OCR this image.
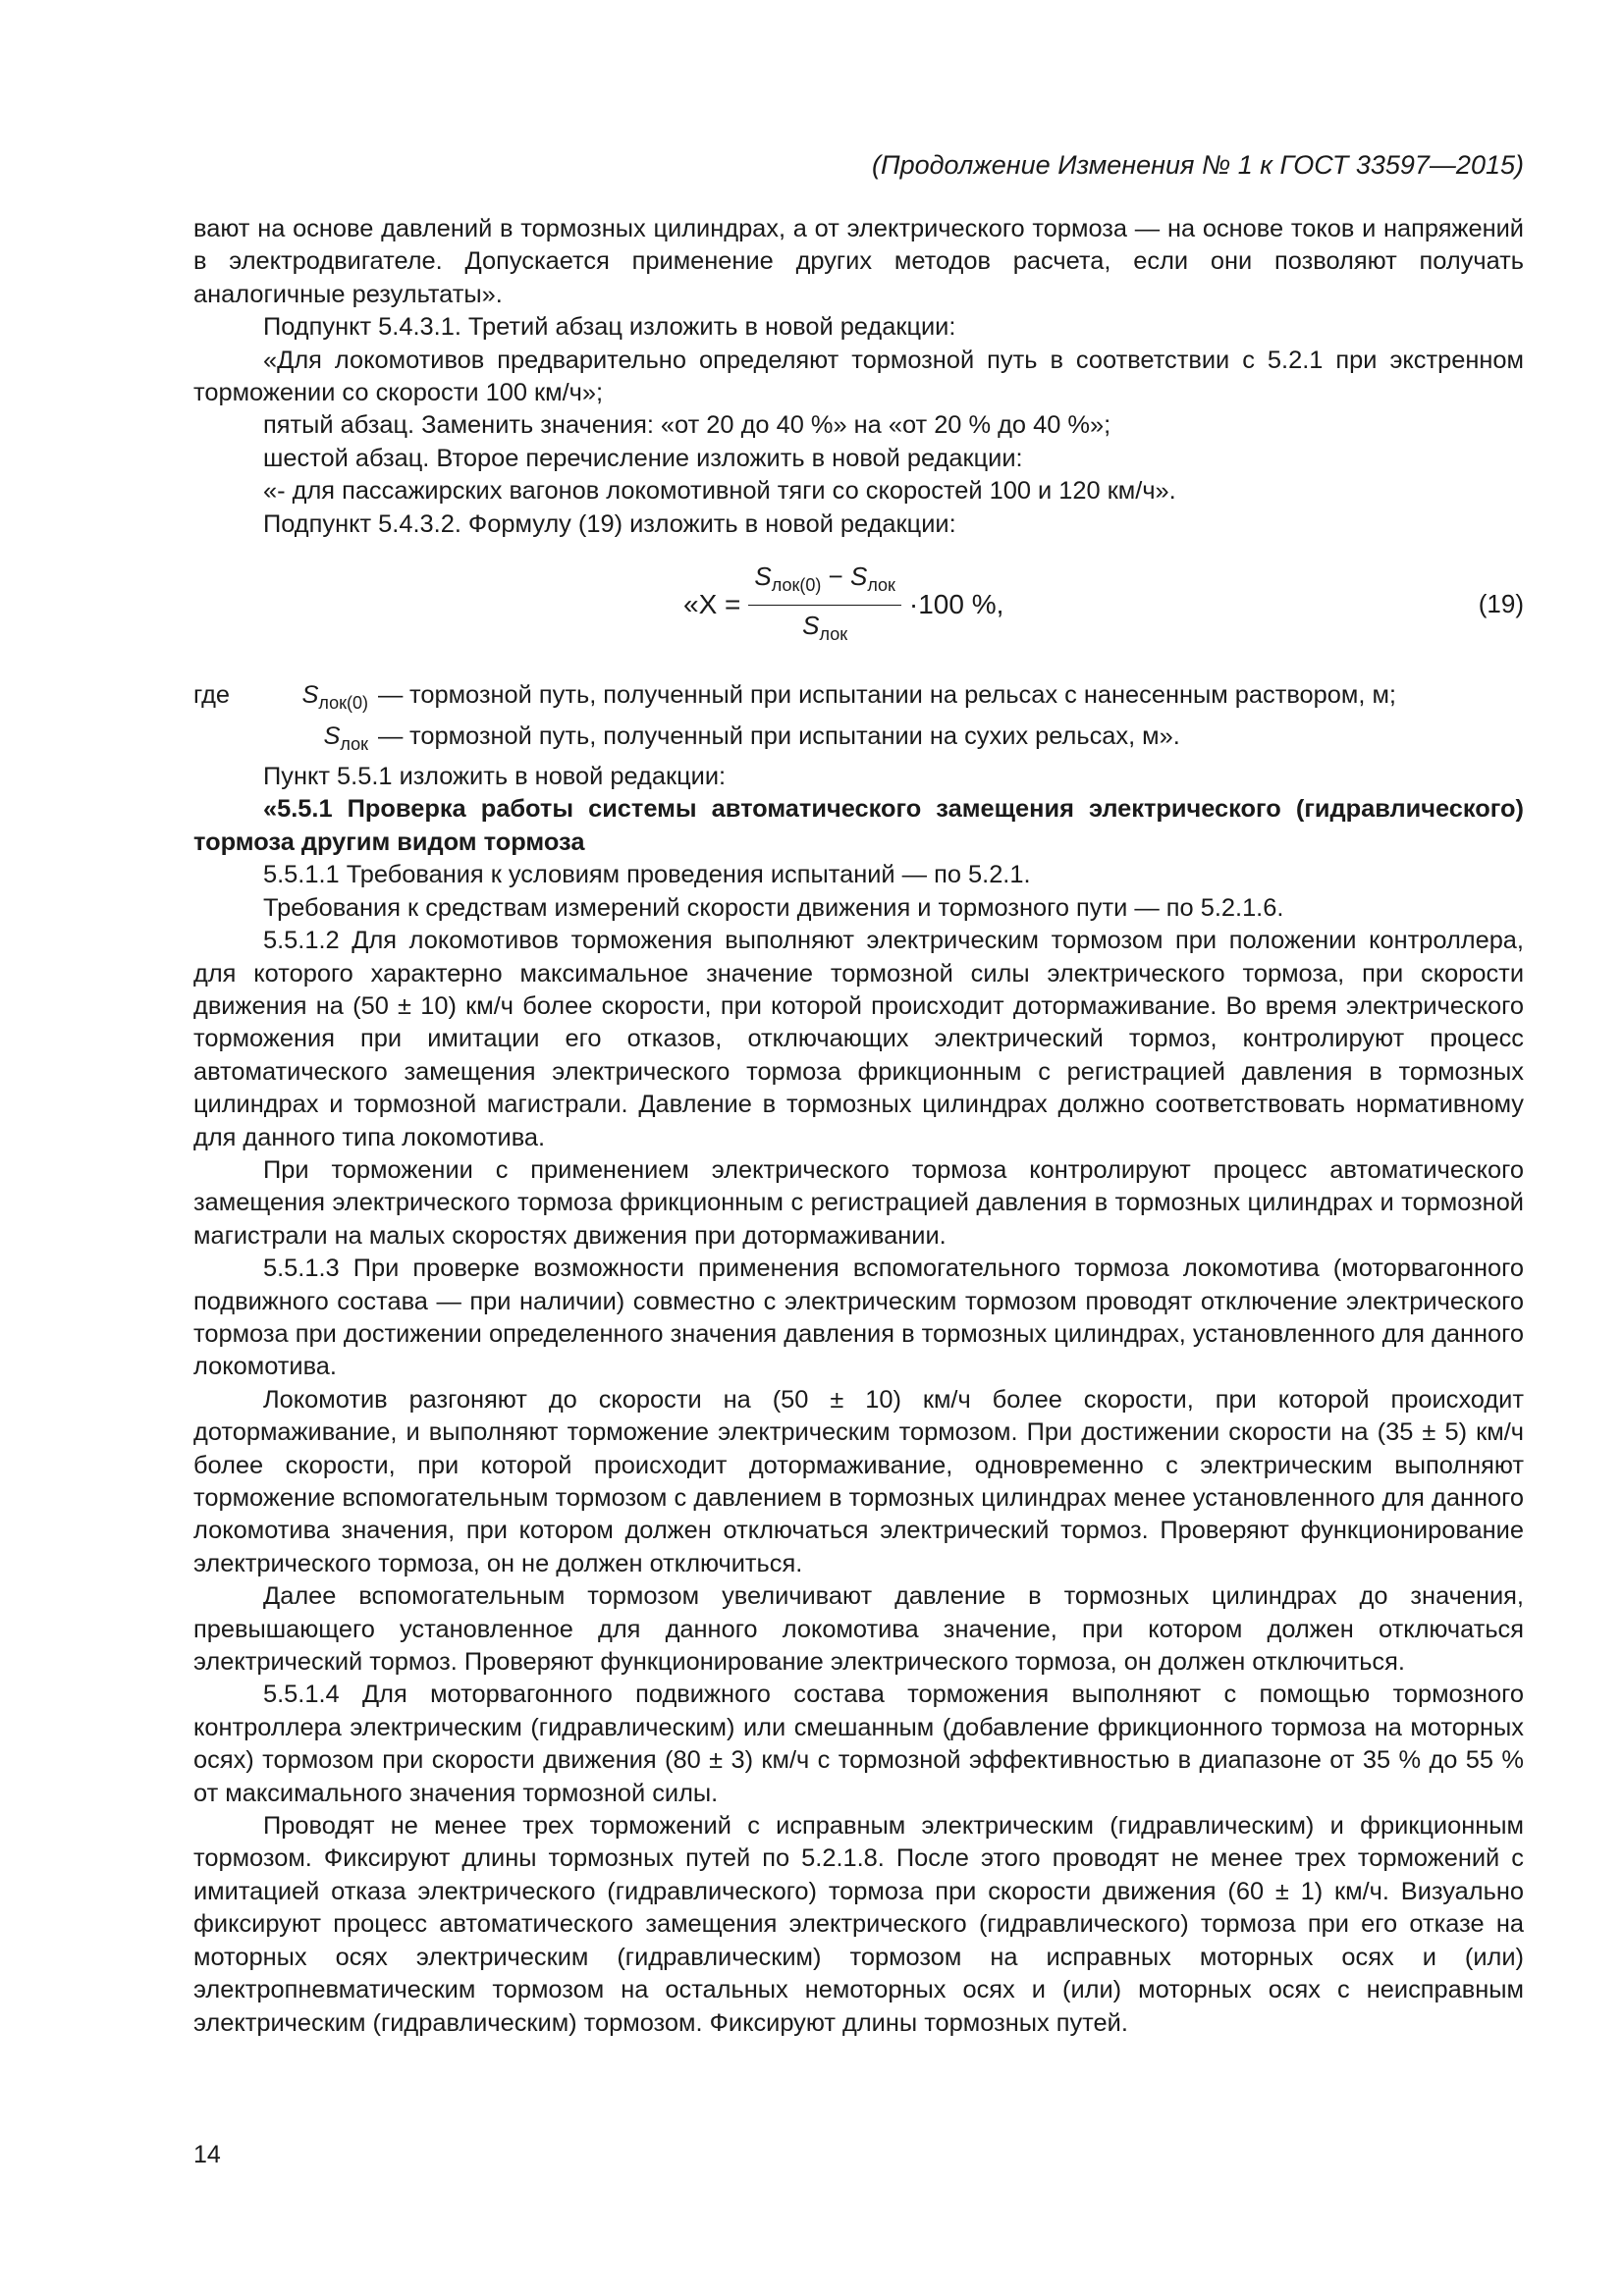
(Продолжение Изменения № 1 к ГОСТ 33597—2015)

вают на основе давлений в тормозных цилиндрах, а от электрического тормоза — на основе токов и напряжений в электродвигателе. Допускается применение других методов расчета, если они позволяют получать аналогичные результаты».

Подпункт 5.4.3.1. Третий абзац изложить в новой редакции:

«Для локомотивов предварительно определяют тормозной путь в соответствии с 5.2.1 при экстренном торможении со скорости 100 км/ч»;

пятый абзац. Заменить значения: «от 20 до 40 %» на «от 20 % до 40 %»;

шестой абзац. Второе перечисление изложить в новой редакции:

«- для пассажирских вагонов локомотивной тяги со скоростей 100 и 120 км/ч».

Подпункт 5.4.3.2. Формулу (19) изложить в новой редакции:

«$X = \frac{S_{лок(0)} - S_{лок}}{S_{лок}} \cdot 100$ %,	(19)
где	$S_{лок(0)}$ — тормозной путь, полученный при испытании на рельсах с нанесенным раствором, м;
$S_{лок}$ — тормозной путь, полученный при испытании на сухих рельсах, м».

Пункт 5.5.1 изложить в новой редакции:

«5.5.1 Проверка работы системы автоматического замещения электрического (гидравлического) тормоза другим видом тормоза

5.5.1.1 Требования к условиям проведения испытаний — по 5.2.1.

Требования к средствам измерений скорости движения и тормозного пути — по 5.2.1.6.

5.5.1.2 Для локомотивов торможения выполняют электрическим тормозом при положении контроллера, для которого характерно максимальное значение тормозной силы электрического тормоза, при скорости движения на (50 ± 10) км/ч более скорости, при которой происходит дотормаживание. Во время электрического торможения при имитации его отказов, отключающих электрический тормоз, контролируют процесс автоматического замещения электрического тормоза фрикционным с регистрацией давления в тормозных цилиндрах и тормозной магистрали. Давление в тормозных цилиндрах должно соответствовать нормативному для данного типа локомотива.

При торможении с применением электрического тормоза контролируют процесс автоматического замещения электрического тормоза фрикционным с регистрацией давления в тормозных цилиндрах и тормозной магистрали на малых скоростях движения при дотормаживании.

5.5.1.3 При проверке возможности применения вспомогательного тормоза локомотива (моторвагонного подвижного состава — при наличии) совместно с электрическим тормозом проводят отключение электрического тормоза при достижении определенного значения давления в тормозных цилиндрах, установленного для данного локомотива.

Локомотив разгоняют до скорости на (50 ± 10) км/ч более скорости, при которой происходит дотормаживание, и выполняют торможение электрическим тормозом. При достижении скорости на (35 ± 5) км/ч более скорости, при которой происходит дотормаживание, одновременно с электрическим выполняют торможение вспомогательным тормозом с давлением в тормозных цилиндрах менее установленного для данного локомотива значения, при котором должен отключаться электрический тормоз. Проверяют функционирование электрического тормоза, он не должен отключиться.

Далее вспомогательным тормозом увеличивают давление в тормозных цилиндрах до значения, превышающего установленное для данного локомотива значение, при котором должен отключаться электрический тормоз. Проверяют функционирование электрического тормоза, он должен отключиться.

5.5.1.4 Для моторвагонного подвижного состава торможения выполняют с помощью тормозного контроллера электрическим (гидравлическим) или смешанным (добавление фрикционного тормоза на моторных осях) тормозом при скорости движения (80 ± 3) км/ч с тормозной эффективностью в диапазоне от 35 % до 55 % от максимального значения тормозной силы.

Проводят не менее трех торможений с исправным электрическим (гидравлическим) и фрикционным тормозом. Фиксируют длины тормозных путей по 5.2.1.8. После этого проводят не менее трех торможений с имитацией отказа электрического (гидравлического) тормоза при скорости движения (60 ± 1) км/ч. Визуально фиксируют процесс автоматического замещения электрического (гидравлического) тормоза при его отказе на моторных осях электрическим (гидравлическим) тормозом на исправных моторных осях и (или) электропневматическим тормозом на остальных немоторных осях и (или) моторных осях с неисправным электрическим (гидравлическим) тормозом. Фиксируют длины тормозных путей.

14
